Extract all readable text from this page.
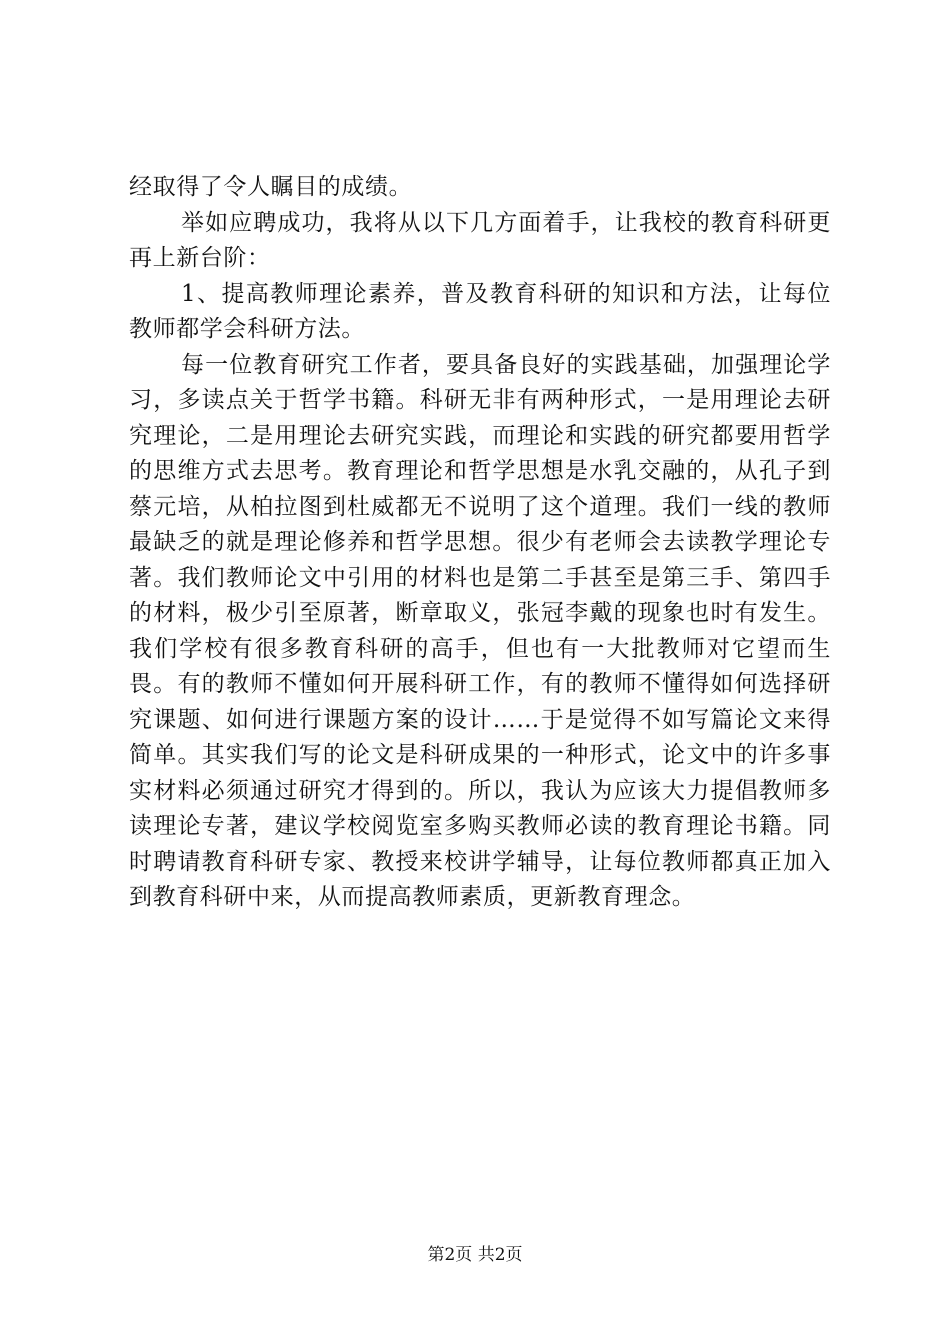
经取得了令人瞩目的成绩。

举如应聘成功，我将从以下几方面着手，让我校的教育科研更再上新台阶：

1、提高教师理论素养，普及教育科研的知识和方法，让每位教师都学会科研方法。

每一位教育研究工作者，要具备良好的实践基础，加强理论学习，多读点关于哲学书籍。科研无非有两种形式，一是用理论去研究理论，二是用理论去研究实践，而理论和实践的研究都要用哲学的思维方式去思考。教育理论和哲学思想是水乳交融的，从孔子到蔡元培，从柏拉图到杜威都无不说明了这个道理。我们一线的教师最缺乏的就是理论修养和哲学思想。很少有老师会去读教学理论专著。我们教师论文中引用的材料也是第二手甚至是第三手、第四手的材料，极少引至原著，断章取义，张冠李戴的现象也时有发生。我们学校有很多教育科研的高手，但也有一大批教师对它望而生畏。有的教师不懂如何开展科研工作，有的教师不懂得如何选择研究课题、如何进行课题方案的设计……于是觉得不如写篇论文来得简单。其实我们写的论文是科研成果的一种形式，论文中的许多事实材料必须通过研究才得到的。所以，我认为应该大力提倡教师多读理论专著，建议学校阅览室多购买教师必读的教育理论书籍。同时聘请教育科研专家、教授来校讲学辅导，让每位教师都真正加入到教育科研中来，从而提高教师素质，更新教育理念。

第2页 共2页
